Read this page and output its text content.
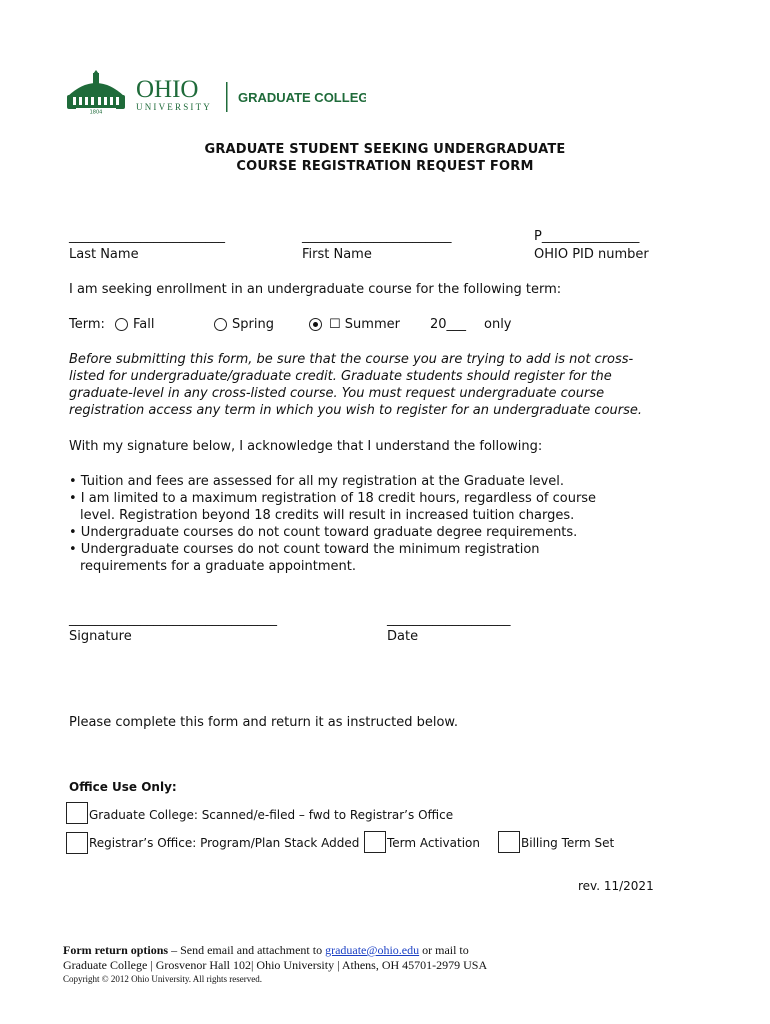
1804
OHIO
UNIVERSITY
GRADUATE COLLEGE
GRADUATE STUDENT SEEKING UNDERGRADUATE
COURSE REGISTRATION REQUEST FORM
________________________	_______________________	P_______________
Last Name	First Name	OHIO PID number
I am seeking enrollment in an undergraduate course for the following term:
Term: Fall	Spring	☐ Summer 20___ only
Before submitting this form, be sure that the course you are trying to add is not cross-
listed for undergraduate/graduate credit. Graduate students should register for the
graduate-level in any cross-listed course. You must request undergraduate course
registration access any term in which you wish to register for an undergraduate course.
With my signature below, I acknowledge that I understand the following:
• Tuition and fees are assessed for all my registration at the Graduate level.
• I am limited to a maximum registration of 18 credit hours, regardless of course
level. Registration beyond 18 credits will result in increased tuition charges.
• Undergraduate courses do not count toward graduate degree requirements.
• Undergraduate courses do not count toward the minimum registration
requirements for a graduate appointment.
________________________________	___________________
Signature	Date
Please complete this form and return it as instructed below.
Office Use Only:
Graduate College: Scanned/e-filed – fwd to Registrar’s Office
Registrar’s Office: Program/Plan Stack Added Term Activation	Billing Term Set
rev. 11/2021
Form return options – Send email and attachment to graduate@ohio.edu or mail to
Graduate College | Grosvenor Hall 102| Ohio University | Athens, OH 45701-2979 USA
Copyright © 2012 Ohio University. All rights reserved.
